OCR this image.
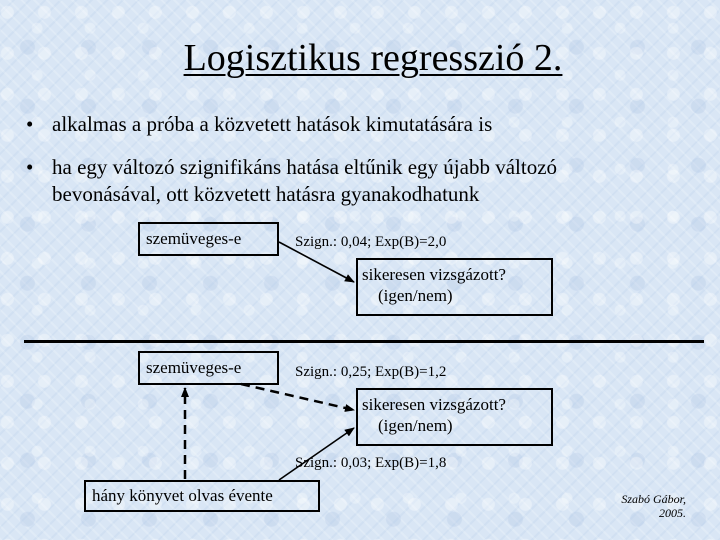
Logisztikus regresszió 2.
• alkalmas a próba a közvetett hatások kimutatására is
• ha egy változó szignifikáns hatása eltűnik egy újabb változó
bevonásával, ott közvetett hatásra gyanakodhatunk
szemüveges-e	Szign.: 0,04; Exp(B)=2,0
sikeresen vizsgázott?
(igen/nem)
szemüveges-e	Szign.: 0,25; Exp(B)=1,2
sikeresen vizsgázott?
(igen/nem)
Szign.: 0,03; Exp(B)=1,8
hány könyvet olvas évente	Szabó Gábor,
2005.
